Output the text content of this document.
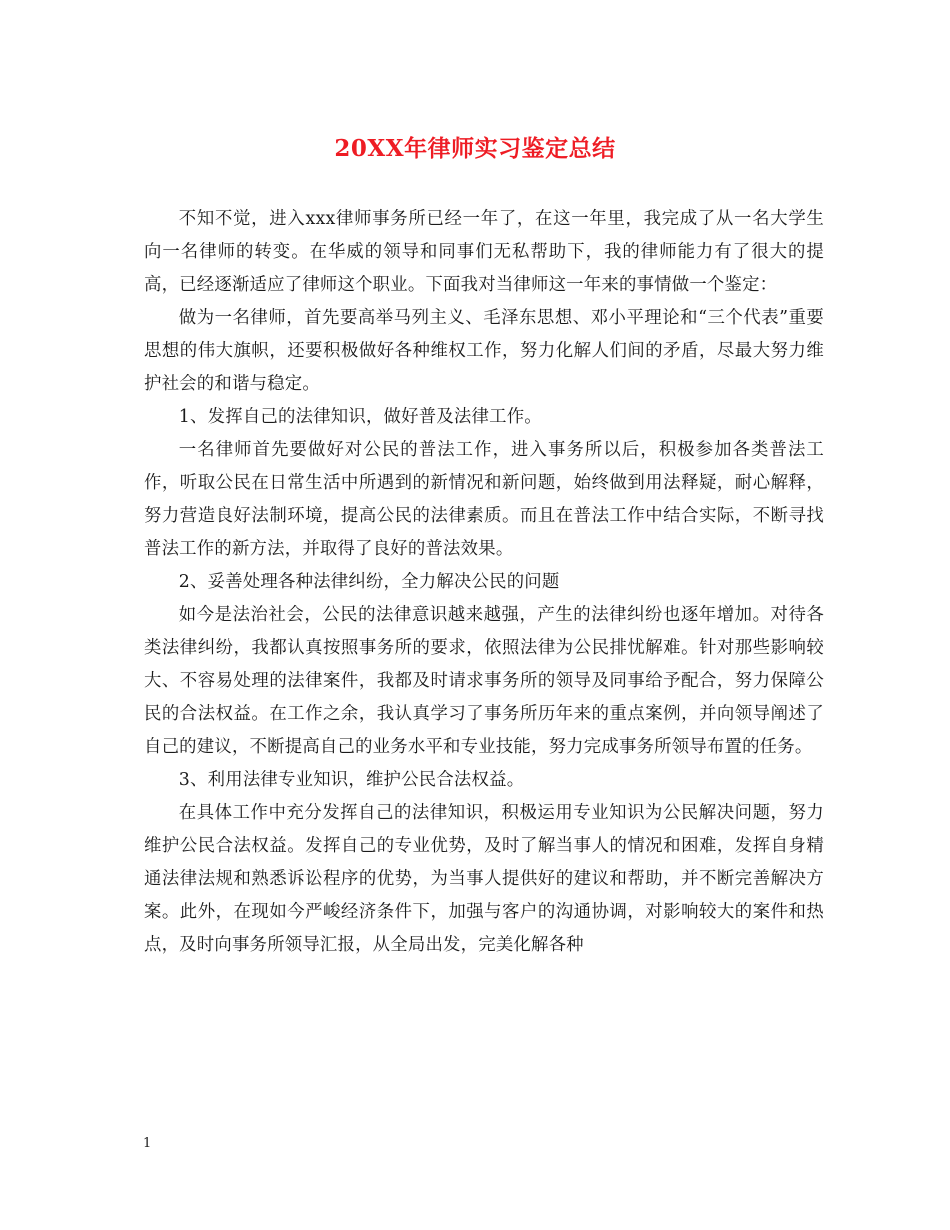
20XX年律师实习鉴定总结

不知不觉，进入xxx律师事务所已经一年了，在这一年里，我完成了从一名大学生向一名律师的转变。在华威的领导和同事们无私帮助下，我的律师能力有了很大的提高，已经逐渐适应了律师这个职业。下面我对当律师这一年来的事情做一个鉴定：

做为一名律师，首先要高举马列主义、毛泽东思想、邓小平理论和“三个代表”重要思想的伟大旗帜，还要积极做好各种维权工作，努力化解人们间的矛盾，尽最大努力维护社会的和谐与稳定。

1、发挥自己的法律知识，做好普及法律工作。

一名律师首先要做好对公民的普法工作，进入事务所以后，积极参加各类普法工作，听取公民在日常生活中所遇到的新情况和新问题，始终做到用法释疑，耐心解释，努力营造良好法制环境，提高公民的法律素质。而且在普法工作中结合实际，不断寻找普法工作的新方法，并取得了良好的普法效果。

2、妥善处理各种法律纠纷，全力解决公民的问题

如今是法治社会，公民的法律意识越来越强，产生的法律纠纷也逐年增加。对待各类法律纠纷，我都认真按照事务所的要求，依照法律为公民排忧解难。针对那些影响较大、不容易处理的法律案件，我都及时请求事务所的领导及同事给予配合，努力保障公民的合法权益。在工作之余，我认真学习了事务所历年来的重点案例，并向领导阐述了自己的建议，不断提高自己的业务水平和专业技能，努力完成事务所领导布置的任务。

3、利用法律专业知识，维护公民合法权益。

在具体工作中充分发挥自己的法律知识，积极运用专业知识为公民解决问题，努力维护公民合法权益。发挥自己的专业优势，及时了解当事人的情况和困难，发挥自身精通法律法规和熟悉诉讼程序的优势，为当事人提供好的建议和帮助，并不断完善解决方案。此外，在现如今严峻经济条件下，加强与客户的沟通协调，对影响较大的案件和热点，及时向事务所领导汇报，从全局出发，完美化解各种

1
